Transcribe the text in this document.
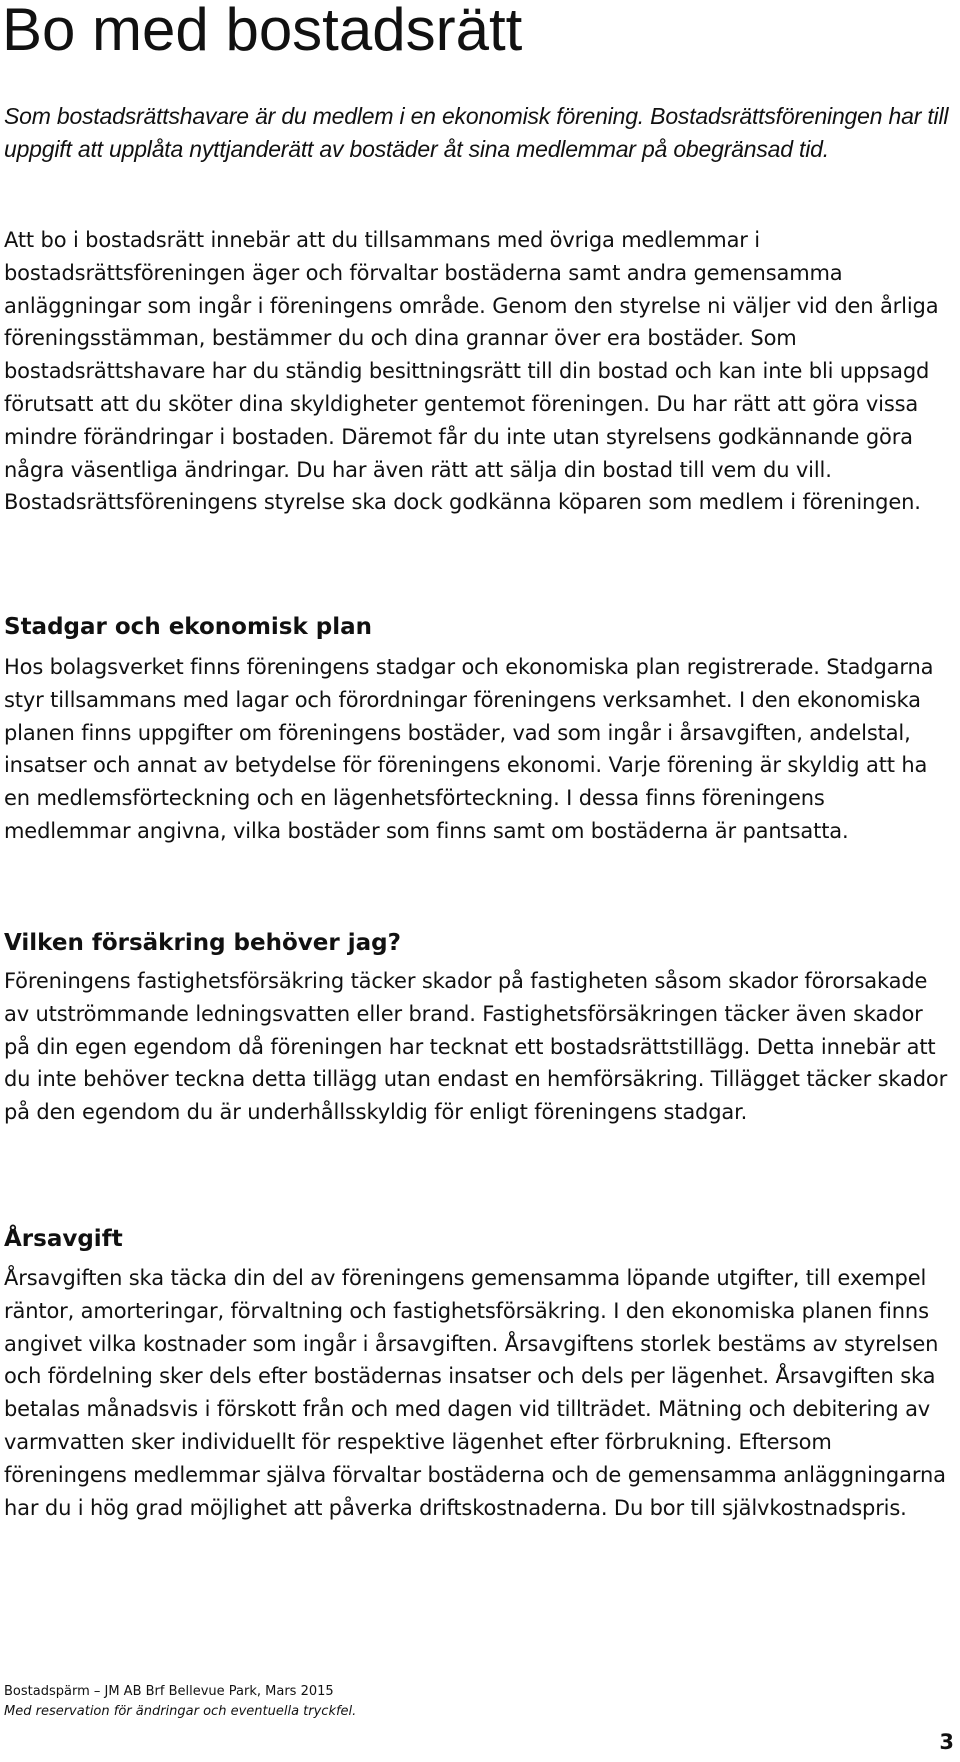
Bo med bostadsrätt

Som bostadsrättshavare är du medlem i en ekonomisk förening. Bostadsrättsföreningen har till uppgift att upplåta nyttjanderätt av bostäder åt sina medlemmar på obegränsad tid.

Att bo i bostadsrätt innebär att du tillsammans med övriga medlemmar i bostadsrättsföreningen äger och förvaltar bostäderna samt andra gemensamma anläggningar som ingår i föreningens område. Genom den styrelse ni väljer vid den årliga föreningsstämman, bestämmer du och dina grannar över era bostäder. Som bostadsrättshavare har du ständig besittningsrätt till din bostad och kan inte bli uppsagd förutsatt att du sköter dina skyldigheter gentemot föreningen. Du har rätt att göra vissa mindre förändringar i bostaden. Däremot får du inte utan styrelsens godkännande göra några väsentliga ändringar. Du har även rätt att sälja din bostad till vem du vill. Bostadsrättsföreningens styrelse ska dock godkänna köparen som medlem i föreningen.

Stadgar och ekonomisk plan

Hos bolagsverket finns föreningens stadgar och ekonomiska plan registrerade. Stadgarna styr tillsammans med lagar och förordningar föreningens verksamhet. I den ekonomiska planen finns uppgifter om föreningens bostäder, vad som ingår i årsavgiften, andelstal, insatser och annat av betydelse för föreningens ekonomi. Varje förening är skyldig att ha en medlemsförteckning och en lägenhetsförteckning. I dessa finns föreningens medlemmar angivna, vilka bostäder som finns samt om bostäderna är pantsatta.

Vilken försäkring behöver jag?

Föreningens fastighetsförsäkring täcker skador på fastigheten såsom skador förorsakade av utströmmande ledningsvatten eller brand. Fastighetsförsäkringen täcker även skador på din egen egendom då föreningen har tecknat ett bostadsrättstillägg. Detta innebär att du inte behöver teckna detta tillägg utan endast en hemförsäkring. Tillägget täcker skador på den egendom du är underhållsskyldig för enligt föreningens stadgar.

Årsavgift

Årsavgiften ska täcka din del av föreningens gemensamma löpande utgifter, till exempel räntor, amorteringar, förvaltning och fastighetsförsäkring. I den ekonomiska planen finns angivet vilka kostnader som ingår i årsavgiften. Årsavgiftens storlek bestäms av styrelsen och fördelning sker dels efter bostädernas insatser och dels per lägenhet. Årsavgiften ska betalas månadsvis i förskott från och med dagen vid tillträdet. Mätning och debitering av varmvatten sker individuellt för respektive lägenhet efter förbrukning. Eftersom föreningens medlemmar själva förvaltar bostäderna och de gemensamma anläggningarna har du i hög grad möjlighet att påverka driftskostnaderna. Du bor till självkostnadspris.

Bostadspärm – JM AB Brf Bellevue Park, Mars 2015
Med reservation för ändringar och eventuella tryckfel.
3
